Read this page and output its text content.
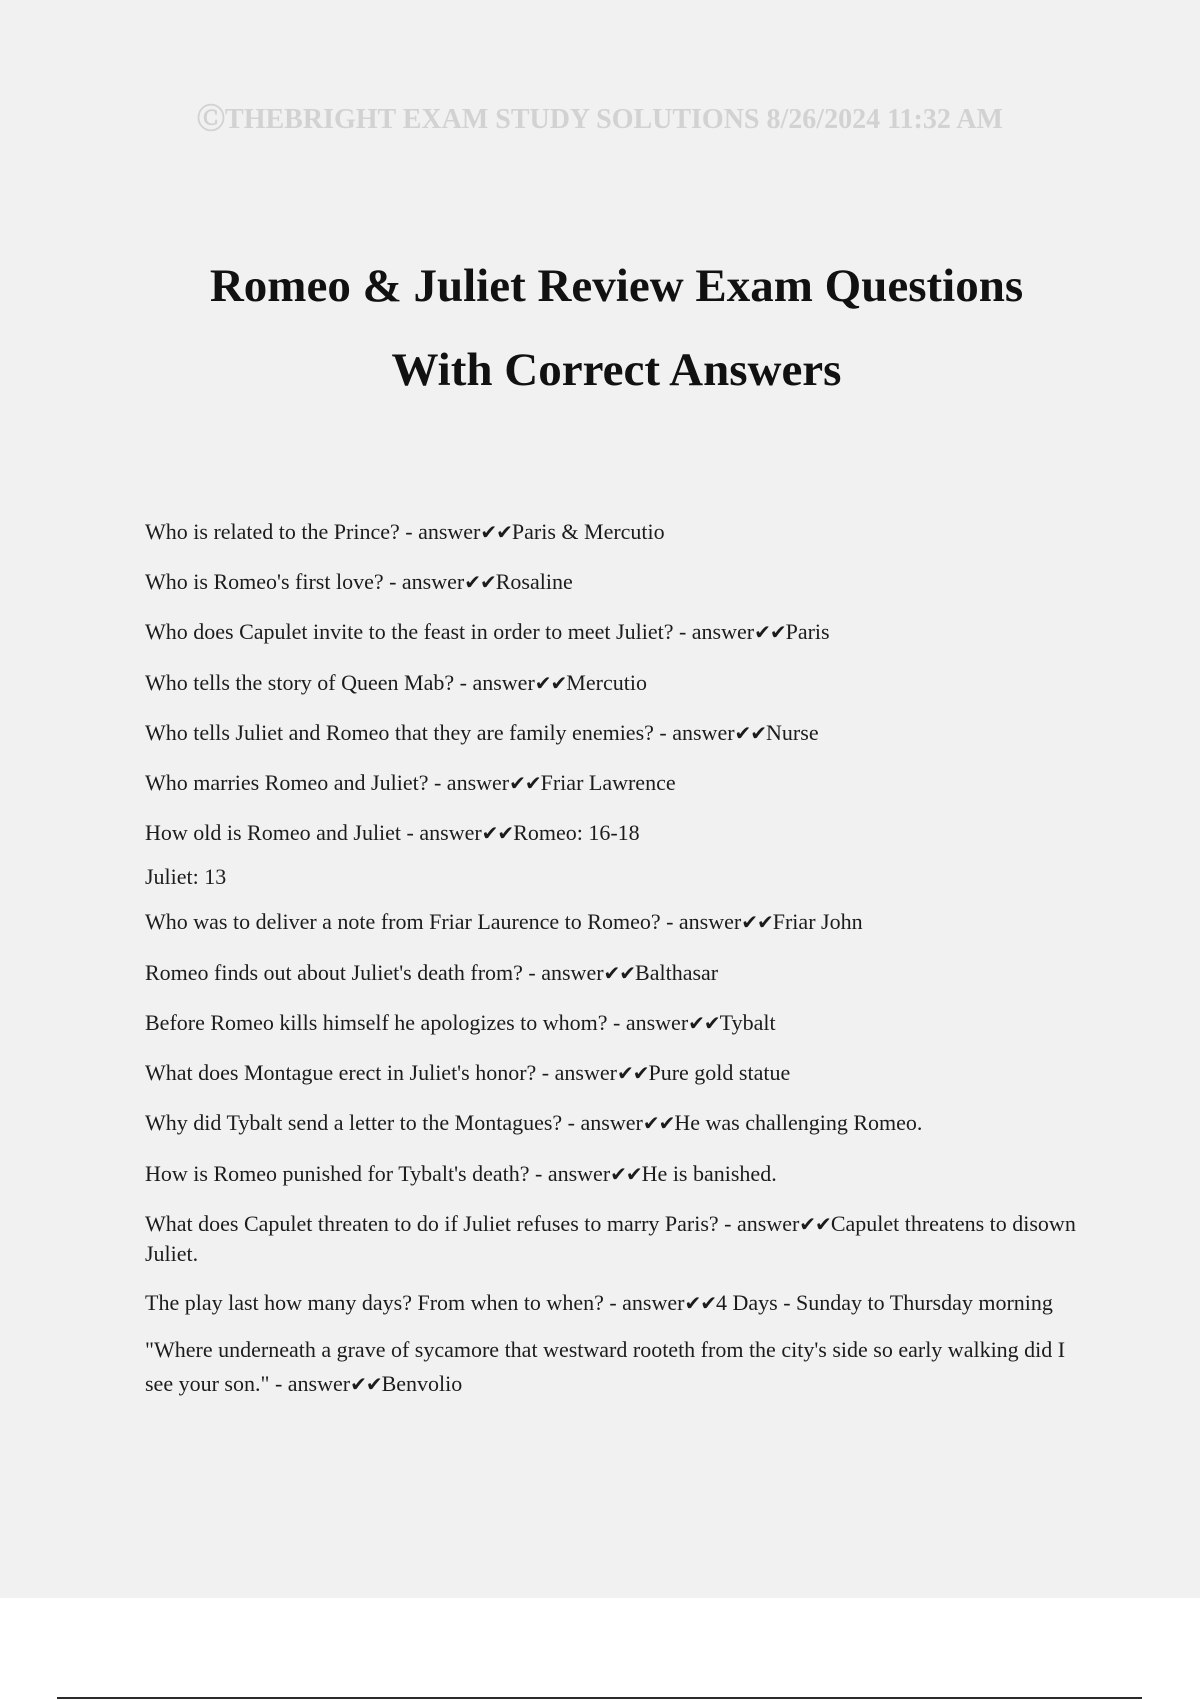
ⒸTHEBRIGHT EXAM STUDY SOLUTIONS 8/26/2024 11:32 AM
Romeo & Juliet Review Exam Questions
With Correct Answers
Who is related to the Prince? - answer✔✔Paris & Mercutio
Who is Romeo's first love? - answer✔✔Rosaline
Who does Capulet invite to the feast in order to meet Juliet? - answer✔✔Paris
Who tells the story of Queen Mab? - answer✔✔Mercutio
Who tells Juliet and Romeo that they are family enemies? - answer✔✔Nurse
Who marries Romeo and Juliet? - answer✔✔Friar Lawrence
How old is Romeo and Juliet - answer✔✔Romeo: 16-18
Juliet: 13
Who was to deliver a note from Friar Laurence to Romeo? - answer✔✔Friar John
Romeo finds out about Juliet's death from? - answer✔✔Balthasar
Before Romeo kills himself he apologizes to whom? - answer✔✔Tybalt
What does Montague erect in Juliet's honor? - answer✔✔Pure gold statue
Why did Tybalt send a letter to the Montagues? - answer✔✔He was challenging Romeo.
How is Romeo punished for Tybalt's death? - answer✔✔He is banished.
What does Capulet threaten to do if Juliet refuses to marry Paris? - answer✔✔Capulet threatens to disown Juliet.
The play last how many days? From when to when? - answer✔✔4 Days - Sunday to Thursday morning
"Where underneath a grave of sycamore that westward rooteth from the city's side so early walking did I see your son." - answer✔✔Benvolio
